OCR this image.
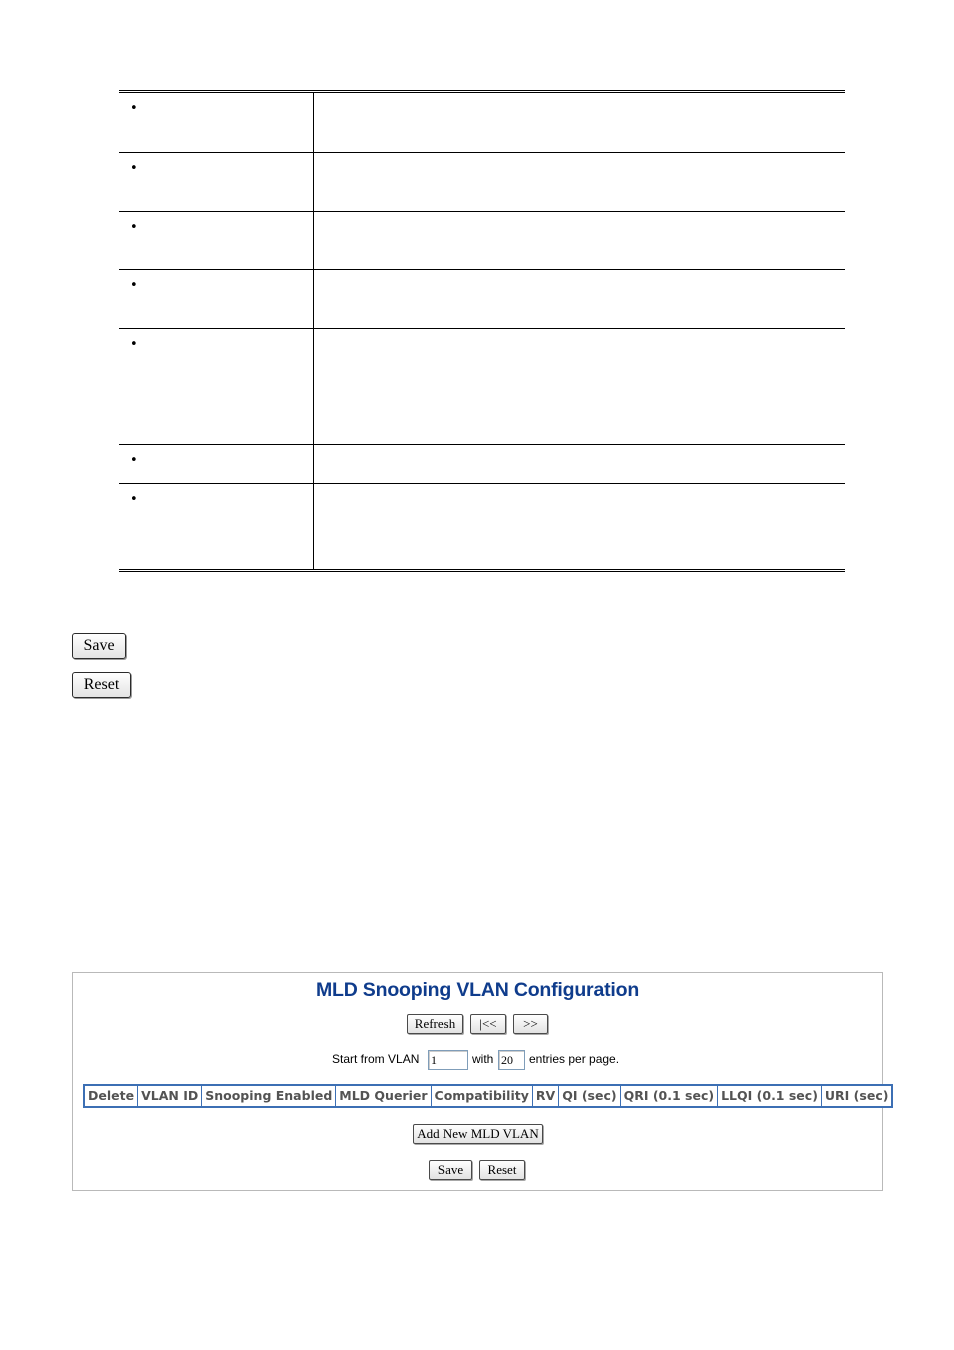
•	
•	
•	
•	
•	
•	
•	
Save
Reset
MLD Snooping VLAN Configuration
Refresh	|<<	>>
Start from VLAN
1	with
20	entries per page.
Delete	VLAN ID	Snooping Enabled	MLD Querier	Compatibility	RV	QI (sec)	QRI (0.1 sec)	LLQI (0.1 sec)	URI (sec)
Add New MLD VLAN
Save	Reset
